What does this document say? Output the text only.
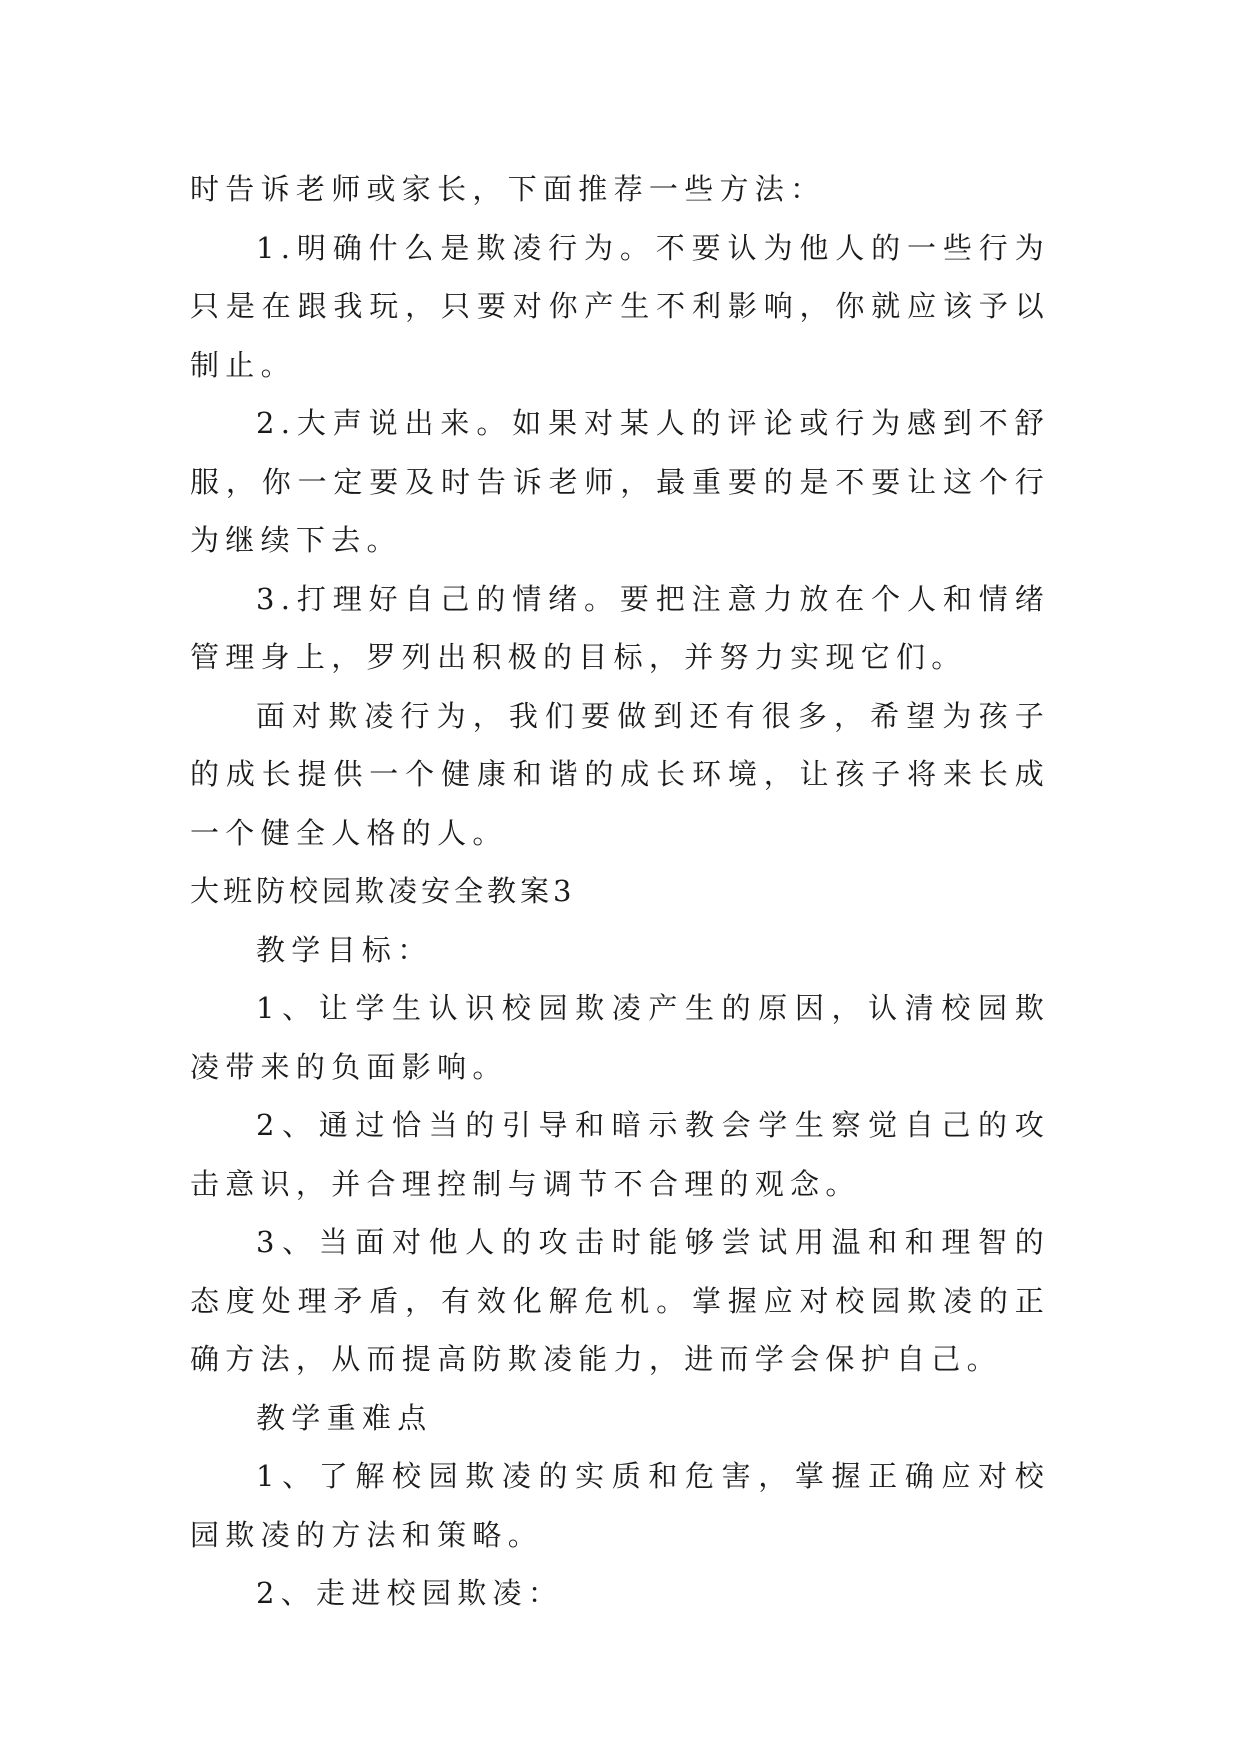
时告诉老师或家长，下面推荐一些方法：

1.明确什么是欺凌行为。不要认为他人的一些行为只是在跟我玩，只要对你产生不利影响，你就应该予以制止。

2.大声说出来。如果对某人的评论或行为感到不舒服，你一定要及时告诉老师，最重要的是不要让这个行为继续下去。

3.打理好自己的情绪。要把注意力放在个人和情绪管理身上，罗列出积极的目标，并努力实现它们。

面对欺凌行为，我们要做到还有很多，希望为孩子的成长提供一个健康和谐的成长环境，让孩子将来长成一个健全人格的人。

大班防校园欺凌安全教案3

教学目标：

1、让学生认识校园欺凌产生的原因，认清校园欺凌带来的负面影响。

2、通过恰当的引导和暗示教会学生察觉自己的攻击意识，并合理控制与调节不合理的观念。

3、当面对他人的攻击时能够尝试用温和和理智的态度处理矛盾，有效化解危机。掌握应对校园欺凌的正确方法，从而提高防欺凌能力，进而学会保护自己。

教学重难点

1、了解校园欺凌的实质和危害，掌握正确应对校园欺凌的方法和策略。

2、走进校园欺凌：
